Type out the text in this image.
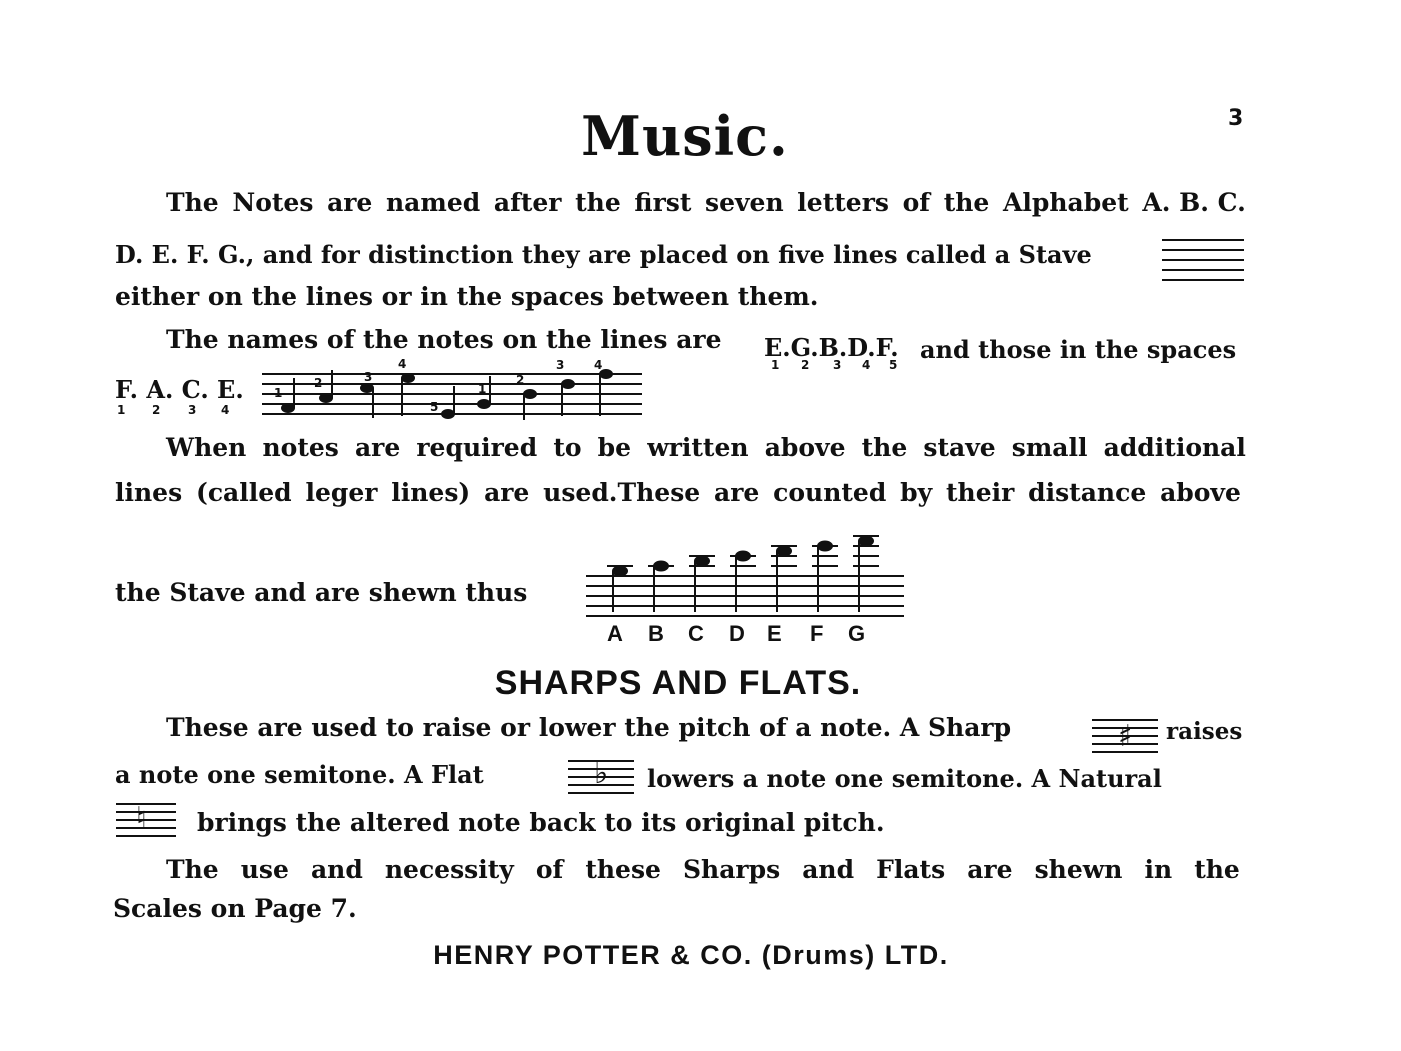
3
Music.
The Notes are named after the first seven letters of the Alphabet A. B. C.
D. E. F. G., and for distinction they are placed on five lines called a Stave
either on the lines or in the spaces between them.
The names of the notes on the lines are E.G.B.D.F.
1 2 3 4 5
and those in the spaces
F. A. C. E.
1 2 3 4
1
2	3
4
5
1
2
3 4
When notes are required to be written above the stave small additional
lines (called leger lines) are used.These are counted by their distance above
the Stave and are shewn thus
A B C D E F G
SHARPS AND FLATS.
These are used to raise or lower the pitch of a note. A Sharp	♯ raises
a note one semitone. A Flat	♭ lowers a note one semitone. A Natural
♮ brings the altered note back to its original pitch.
The use and necessity of these Sharps and Flats are shewn in the
Scales on Page 7.
HENRY POTTER & CO. (Drums) LTD.
